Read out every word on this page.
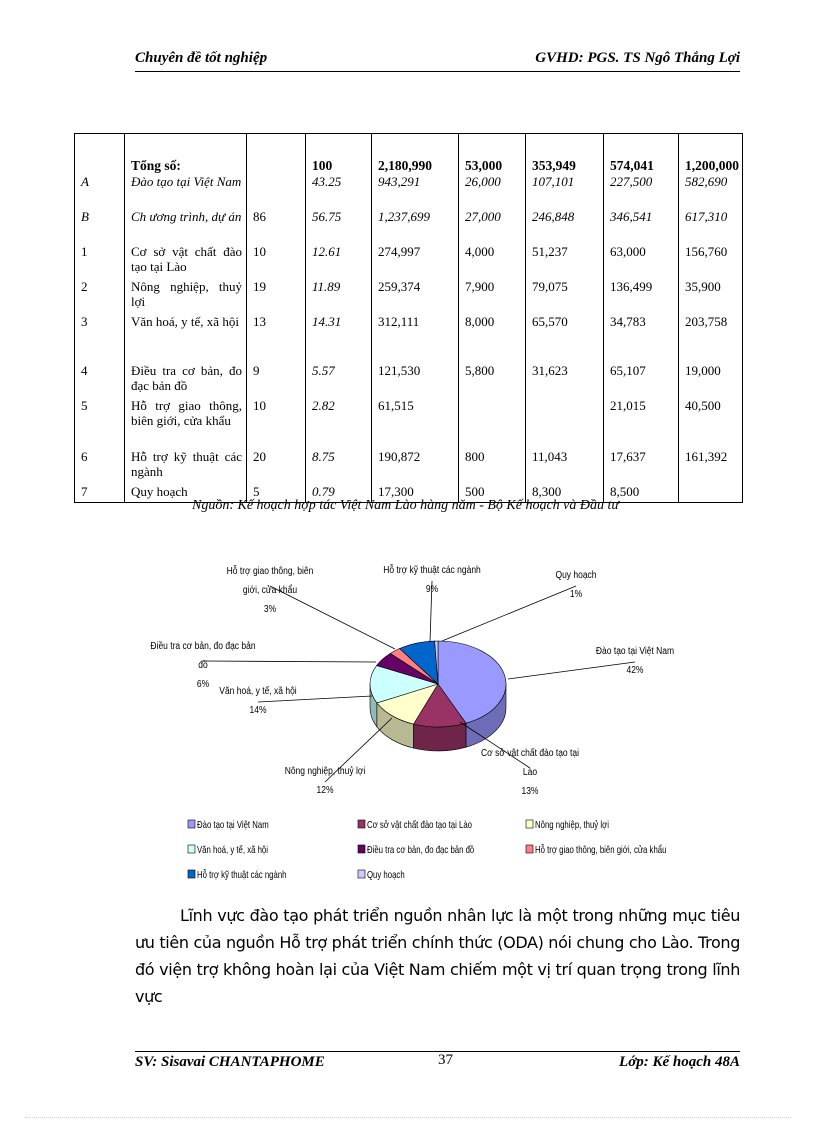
Chuyên đề tốt nghiệp	GVHD: PGS. TS Ngô Thắng Lợi

	Tổng số:		100	2,180,990	53,000	353,949	574,041	1,200,000
A	Đào tạo tại Việt Nam		43.25	943,291	26,000	107,101	227,500	582,690
B	Ch ương trình, dự án	86	56.75	1,237,699	27,000	246,848	346,541	617,310
1	Cơ sở vật chất đào tạo tại Lào	10	12.61	274,997	4,000	51,237	63,000	156,760
2	Nông nghiệp, thuỷ lợi	19	11.89	259,374	7,900	79,075	136,499	35,900
3	Văn hoá, y tế, xã hội	13	14.31	312,111	8,000	65,570	34,783	203,758
4	Điều tra cơ bản, đo đạc bản đồ	9	5.57	121,530	5,800	31,623	65,107	19,000
5	Hỗ trợ giao thông, biên giới, cửa khẩu	10	2.82	61,515			21,015	40,500
6	Hỗ trợ kỹ thuật các ngành	20	8.75	190,872	800	11,043	17,637	161,392
7	Quy hoạch	5	0.79	17,300	500	8,300	8,500	
Nguồn: Kế hoạch hợp tác Việt Nam Lào hàng năm - Bộ Kế hoạch và Đầu tư
Đào tạo tại Việt Nam
42%
Cơ sở vật chất đào tạo tại
Lào
13%
Nông nghiệp, thuỷ lợi
12%
Văn hoá, y tế, xã hội
14%
Điều tra cơ bản, đo đạc bản
đồ
6%
Hỗ trợ giao thông, biên
giới, cửa khẩu
3%
Hỗ trợ kỹ thuật các ngành
9%
Quy hoạch
1%
Đào tạo tại Việt Nam	Cơ sở vật chất đào tạo tại Lào	Nông nghiệp, thuỷ lợi
Văn hoá, y tế, xã hội	Điều tra cơ bản, đo đạc bản đồ	Hỗ trợ giao thông, biên giới, cửa khẩu
Hỗ trợ kỹ thuật các ngành	Quy hoạch

Lĩnh vực đào tạo phát triển nguồn nhân lực là một trong những mục tiêu ưu tiên của nguồn Hỗ trợ phát triển chính thức (ODA) nói chung cho Lào. Trong đó viện trợ không hoàn lại của Việt Nam chiếm một vị trí quan trọng trong lĩnh vực

SV: Sisavai CHANTAPHOME	37	Lớp: Kế hoạch 48A
